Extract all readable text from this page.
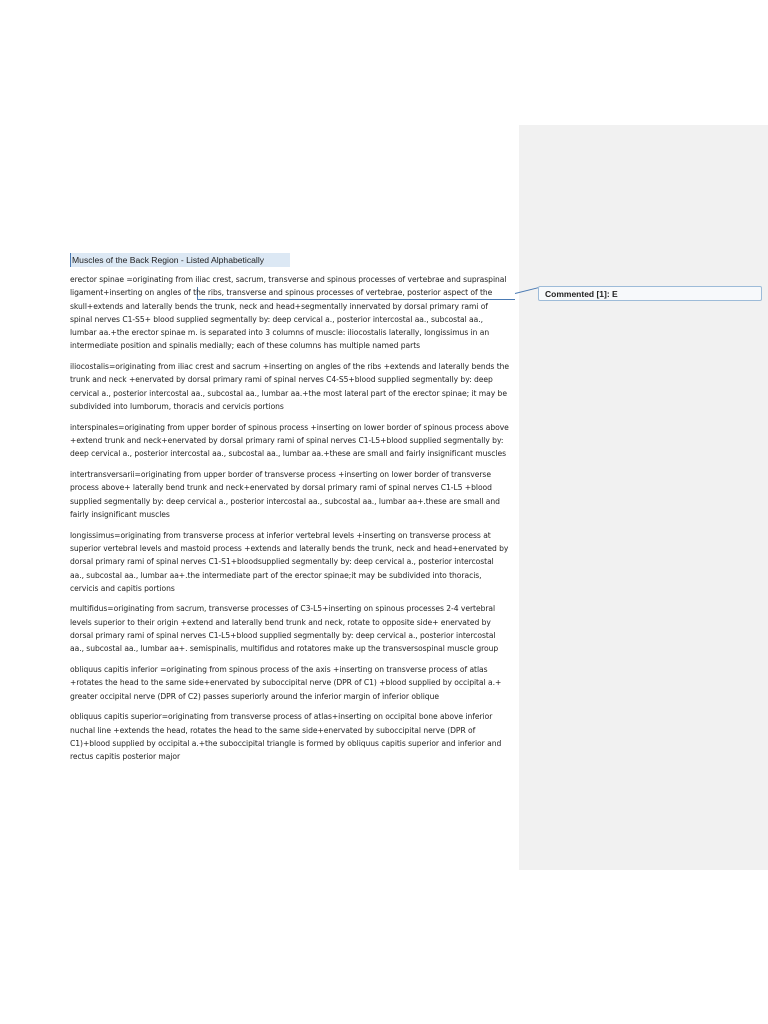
Muscles of the Back Region - Listed Alphabetically
Commented [1]: E

erector spinae =originating from iliac crest, sacrum, transverse and spinous processes of vertebrae and supraspinal ligament+inserting on angles of the ribs, transverse and spinous processes of vertebrae, posterior aspect of the skull+extends and laterally bends the trunk, neck and head+segmentally innervated by dorsal primary rami of spinal nerves C1-S5+ blood supplied segmentally by: deep cervical a., posterior intercostal aa., subcostal aa., lumbar aa.+the erector spinae m. is separated into 3 columns of muscle: iliocostalis laterally, longissimus in an intermediate position and spinalis medially; each of these columns has multiple named parts

iliocostalis=originating from iliac crest and sacrum +inserting on angles of the ribs +extends and laterally bends the trunk and neck +enervated by dorsal primary rami of spinal nerves C4-S5+blood supplied segmentally by: deep cervical a., posterior intercostal aa., subcostal aa., lumbar aa.+the most lateral part of the erector spinae; it may be subdivided into lumborum, thoracis and cervicis portions

interspinales=originating from upper border of spinous process +inserting on lower border of spinous process above +extend trunk and neck+enervated by dorsal primary rami of spinal nerves C1-L5+blood supplied segmentally by: deep cervical a., posterior intercostal aa., subcostal aa., lumbar aa.+these are small and fairly insignificant muscles

intertransversarii=originating from upper border of transverse process +inserting on lower border of transverse process above+ laterally bend trunk and neck+enervated by dorsal primary rami of spinal nerves C1-L5 +blood supplied segmentally by: deep cervical a., posterior intercostal aa., subcostal aa., lumbar aa+.these are small and fairly insignificant muscles

longissimus=originating from transverse process at inferior vertebral levels +inserting on transverse process at superior vertebral levels and mastoid process +extends and laterally bends the trunk, neck and head+enervated by dorsal primary rami of spinal nerves C1-S1+bloodsupplied segmentally by: deep cervical a., posterior intercostal aa., subcostal aa., lumbar aa+.the intermediate part of the erector spinae;it may be subdivided into thoracis, cervicis and capitis portions

multifidus=originating from sacrum, transverse processes of C3-L5+inserting on spinous processes 2-4 vertebral levels superior to their origin +extend and laterally bend trunk and neck, rotate to opposite side+ enervated by dorsal primary rami of spinal nerves C1-L5+blood supplied segmentally by: deep cervical a., posterior intercostal aa., subcostal aa., lumbar aa+. semispinalis, multifidus and rotatores make up the transversospinal muscle group

obliquus capitis inferior =originating from spinous process of the axis +inserting on transverse process of atlas +rotates the head to the same side+enervated by suboccipital nerve (DPR of C1) +blood supplied by occipital a.+ greater occipital nerve (DPR of C2) passes superiorly around the inferior margin of inferior oblique

obliquus capitis superior=originating from transverse process of atlas+inserting on occipital bone above inferior nuchal line +extends the head, rotates the head to the same side+enervated by suboccipital nerve (DPR of C1)+blood supplied by occipital a.+the suboccipital triangle is formed by obliquus capitis superior and inferior and rectus capitis posterior major
